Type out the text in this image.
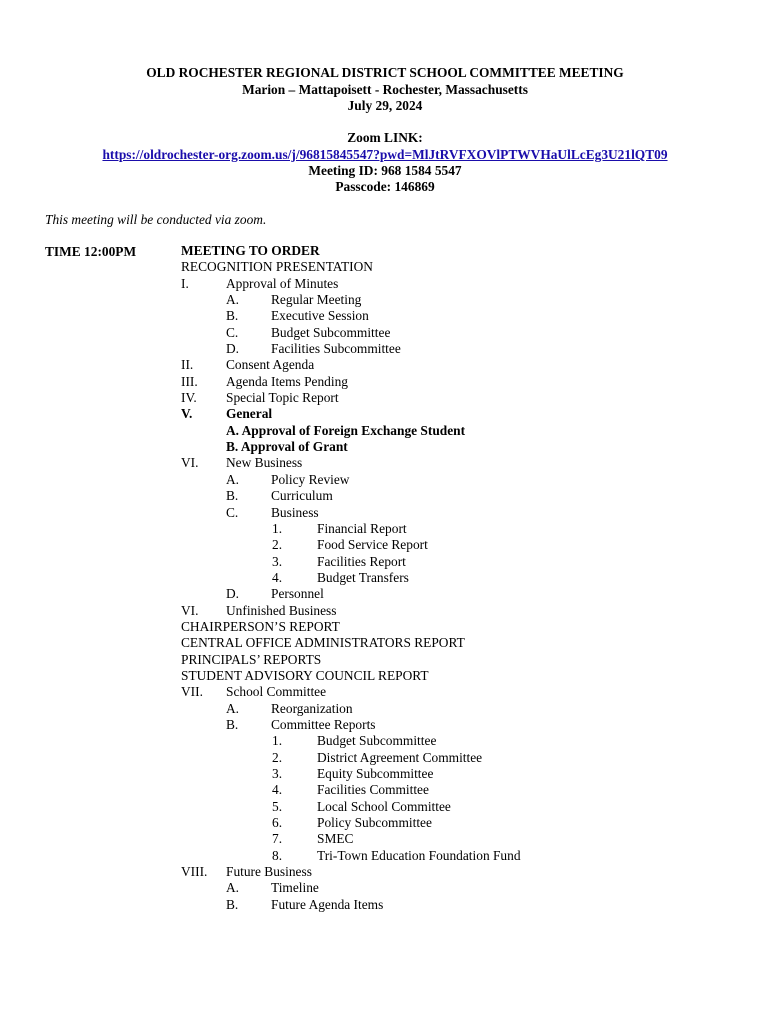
OLD ROCHESTER REGIONAL DISTRICT SCHOOL COMMITTEE MEETING
Marion – Mattapoisett - Rochester, Massachusetts
July 29, 2024
Zoom LINK:
https://oldrochester-org.zoom.us/j/96815845547?pwd=MlJtRVFXOVlPTWVHaUlLcEg3U21lQT09
Meeting ID: 968 1584 5547
Passcode: 146869
This meeting will be conducted via zoom.
TIME 12:00PM	MEETING TO ORDER
RECOGNITION PRESENTATION
I.	Approval of Minutes
A. Regular Meeting
B. Executive Session
C. Budget Subcommittee
D. Facilities Subcommittee
II. Consent Agenda
III. Agenda Items Pending
IV. Special Topic Report
V.	General
A. Approval of Foreign Exchange Student
B. Approval of Grant
VI. New Business
A. Policy Review
B. Curriculum
C. Business
1.	Financial Report
2.	Food Service Report
3.	Facilities Report
4.	Budget Transfers
D. Personnel
VI. Unfinished Business
CHAIRPERSON’S REPORT
CENTRAL OFFICE ADMINISTRATORS REPORT
PRINCIPALS’ REPORTS
STUDENT ADVISORY COUNCIL REPORT
VII. School Committee
A. Reorganization
B. Committee Reports
1.	Budget Subcommittee
2.	District Agreement Committee
3.	Equity Subcommittee
4.	Facilities Committee
5.	Local School Committee
6.	Policy Subcommittee
7.	SMEC
8.	Tri-Town Education Foundation Fund
VIII. Future Business
A. Timeline
B. Future Agenda Items
